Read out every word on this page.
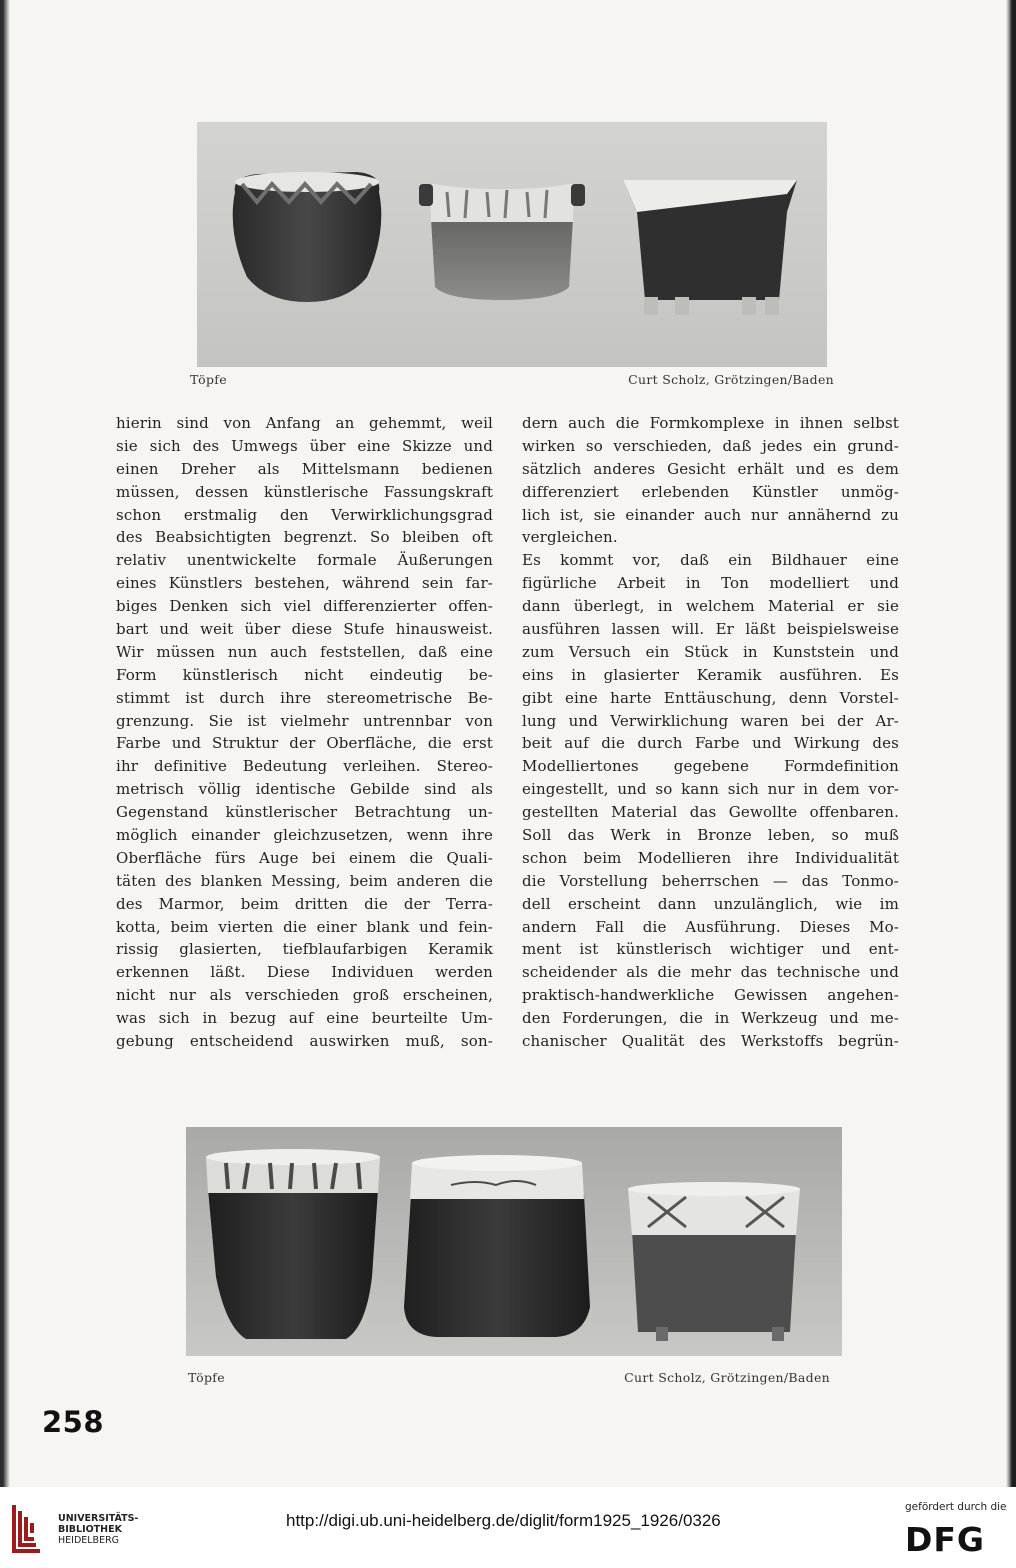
Töpfe	Curt Scholz, Grötzingen/Baden
hierin sind von Anfang an gehemmt, weil
sie sich des Umwegs über eine Skizze und
einen Dreher als Mittelsmann bedienen
müssen, dessen künstlerische Fassungskraft
schon erstmalig den Verwirklichungsgrad
des Beabsichtigten begrenzt. So bleiben oft
relativ unentwickelte formale Äußerungen
eines Künstlers bestehen, während sein far-
biges Denken sich viel differenzierter offen-
bart und weit über diese Stufe hinausweist.
Wir müssen nun auch feststellen, daß eine
Form künstlerisch nicht eindeutig be-
stimmt ist durch ihre stereometrische Be-
grenzung. Sie ist vielmehr untrennbar von
Farbe und Struktur der Oberfläche, die erst
ihr definitive Bedeutung verleihen. Stereo-
metrisch völlig identische Gebilde sind als
Gegenstand künstlerischer Betrachtung un-
möglich einander gleichzusetzen, wenn ihre
Oberfläche fürs Auge bei einem die Quali-
täten des blanken Messing, beim anderen die
des Marmor, beim dritten die der Terra-
kotta, beim vierten die einer blank und fein-
rissig glasierten, tiefblaufarbigen Keramik
erkennen läßt. Diese Individuen werden
nicht nur als verschieden groß erscheinen,
was sich in bezug auf eine beurteilte Um-
gebung entscheidend auswirken muß, son-
dern auch die Formkomplexe in ihnen selbst
wirken so verschieden, daß jedes ein grund-
sätzlich anderes Gesicht erhält und es dem
differenziert erlebenden Künstler unmög-
lich ist, sie einander auch nur annähernd zu
vergleichen.
Es kommt vor, daß ein Bildhauer eine
figürliche Arbeit in Ton modelliert und
dann überlegt, in welchem Material er sie
ausführen lassen will. Er läßt beispielsweise
zum Versuch ein Stück in Kunststein und
eins in glasierter Keramik ausführen. Es
gibt eine harte Enttäuschung, denn Vorstel-
lung und Verwirklichung waren bei der Ar-
beit auf die durch Farbe und Wirkung des
Modelliertones gegebene Formdefinition
eingestellt, und so kann sich nur in dem vor-
gestellten Material das Gewollte offenbaren.
Soll das Werk in Bronze leben, so muß
schon beim Modellieren ihre Individualität
die Vorstellung beherrschen — das Tonmo-
dell erscheint dann unzulänglich, wie im
andern Fall die Ausführung. Dieses Mo-
ment ist künstlerisch wichtiger und ent-
scheidender als die mehr das technische und
praktisch-handwerkliche Gewissen angehen-
den Forderungen, die in Werkzeug und me-
chanischer Qualität des Werkstoffs begrün-
Töpfe	Curt Scholz, Grötzingen/Baden
258
UNIVERSITÄTS-
BIBLIOTHEK
HEIDELBERG
http://digi.ub.uni-heidelberg.de/diglit/form1925_1926/0326
gefördert durch die
DFG
